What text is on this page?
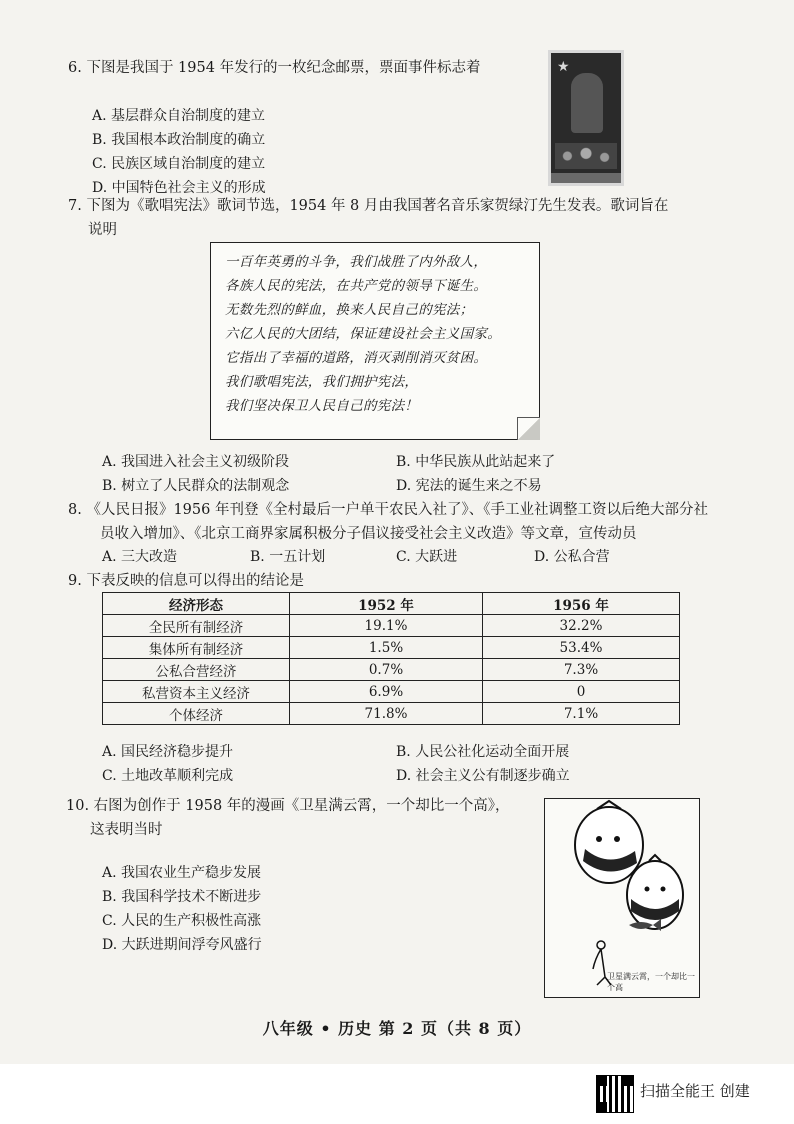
6. 下图是我国于 1954 年发行的一枚纪念邮票，票面事件标志着
A. 基层群众自治制度的建立
B. 我国根本政治制度的确立
C. 民族区域自治制度的建立
D. 中国特色社会主义的形成
★
7. 下图为《歌唱宪法》歌词节选，1954 年 8 月由我国著名音乐家贺绿汀先生发表。歌词旨在
说明
一百年英勇的斗争，我们战胜了内外敌人，
各族人民的宪法，在共产党的领导下诞生。
无数先烈的鲜血，换来人民自己的宪法；
六亿人民的大团结，保证建设社会主义国家。
它指出了幸福的道路，消灭剥削消灭贫困。
我们歌唱宪法，我们拥护宪法，
我们坚决保卫人民自己的宪法！
A. 我国进入社会主义初级阶段	B. 中华民族从此站起来了
B. 树立了人民群众的法制观念	D. 宪法的诞生来之不易
8. 《人民日报》1956 年刊登《全村最后一户单干农民入社了》、《手工业社调整工资以后绝大部分社
员收入增加》、《北京工商界家属积极分子倡议接受社会主义改造》等文章，宣传动员
A. 三大改造	B. 一五计划	C. 大跃进	D. 公私合营
9. 下表反映的信息可以得出的结论是
经济形态	1952 年	1956 年
全民所有制经济	19.1%	32.2%
集体所有制经济	1.5%	53.4%
公私合营经济	0.7%	7.3%
私营资本主义经济	6.9%	0
个体经济	71.8%	7.1%
A. 国民经济稳步提升	B. 人民公社化运动全面开展
C. 土地改革顺利完成	D. 社会主义公有制逐步确立
10. 右图为创作于 1958 年的漫画《卫星满云霄，一个却比一个高》，
这表明当时
A. 我国农业生产稳步发展
B. 我国科学技术不断进步
C. 人民的生产积极性高涨
D. 大跃进期间浮夸风盛行
卫星满云霄，一个却比一个高
八年级 • 历史 第 2 页（共 8 页）
扫描全能王 创建
